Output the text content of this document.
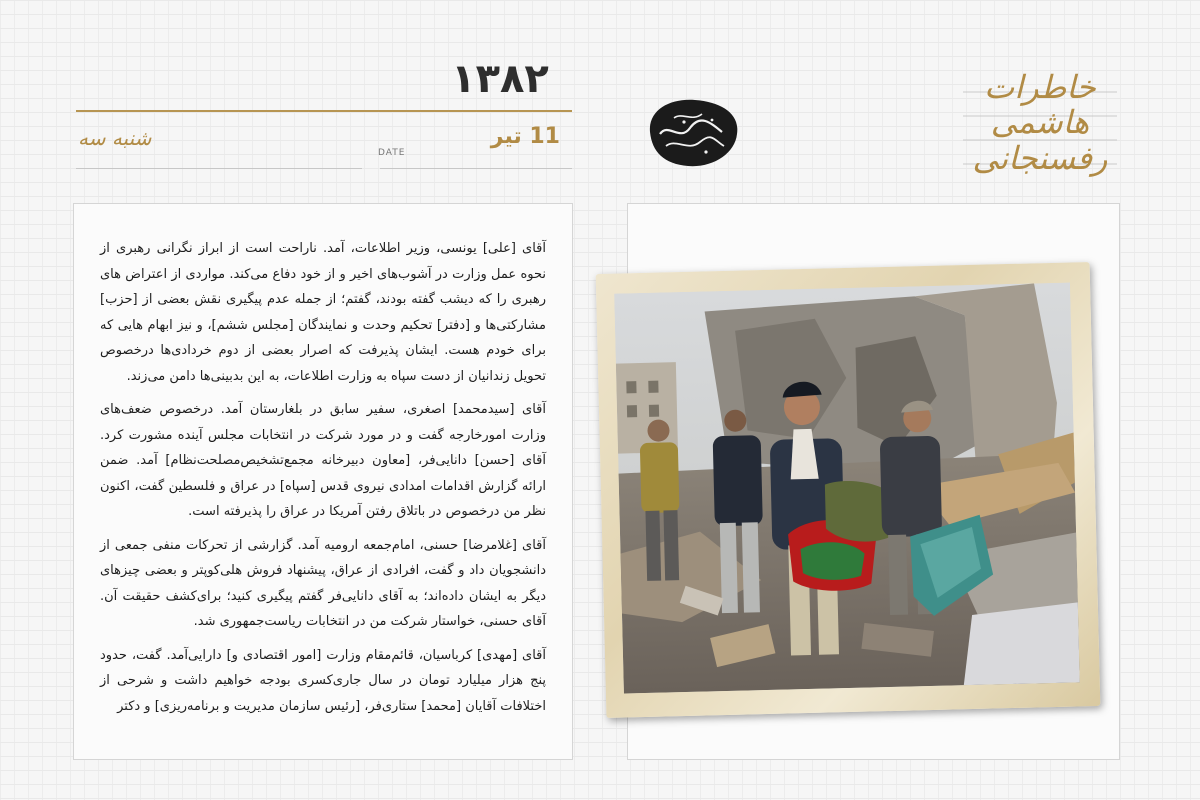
۱۳۸۲
DATE
11 تیر
شنبه سه
خاطرات هاشمی رفسنجانی

آقای [علی] یونسی، وزیر اطلاعات، آمد. ناراحت است از ابراز نگرانی رهبری از نحوه عمل وزارت در آشوب‌های اخیر و از خود دفاع می‌کند. مواردی از اعتراض های رهبری را که دیشب گفته بودند، گفتم؛ از جمله عدم پیگیری نقش بعضی از [حزب] مشارکتی‌ها و [دفتر] تحکیم وحدت و نمایندگان [مجلس ششم]، و نیز ابهام هایی که برای خودم هست. ایشان پذیرفت که اصرار بعضی از دوم خردادی‌ها درخصوص تحویل زندانیان از دست سپاه به وزارت اطلاعات، به این بدبینی‌ها دامن می‌زند.

آقای [سیدمحمد] اصغری، سفیر سابق در بلغارستان آمد. درخصوص ضعف‌های وزارت امورخارجه گفت و در مورد شرکت در انتخابات مجلس آینده مشورت کرد. آقای [حسن] دانایی‌فر، [معاون دبیرخانه مجمع‌تشخیص‌مصلحت‌نظام] آمد. ضمن ارائه گزارش اقدامات امدادی نیروی قدس [سپاه] در عراق و فلسطین گفت، اکنون نظر من درخصوص در باتلاق رفتن آمریکا در عراق را پذیرفته است.

آقای [غلامرضا] حسنی، امام‌جمعه ارومیه آمد. گزارشی از تحرکات منفی جمعی از دانشجویان داد و گفت، افرادی از عراق، پیشنهاد فروش هلی‌کوپتر و بعضی چیزهای دیگر به ایشان داده‌اند؛ به آقای دانایی‌فر گفتم پیگیری کنید؛ برای‌کشف حقیقت آن. آقای حسنی، خواستار شرکت من در انتخابات ریاست‌جمهوری شد.

آقای [مهدی] کرباسیان، قائم‌مقام وزارت [امور اقتصادی و] دارایی‌آمد. گفت، حدود پنج هزار میلیارد تومان در سال جاری‌کسری بودجه خواهیم داشت و شرحی از اختلافات آقایان [محمد] ستاری‌فر، [رئیس سازمان مدیریت و برنامه‌ریزی] و دکتر
